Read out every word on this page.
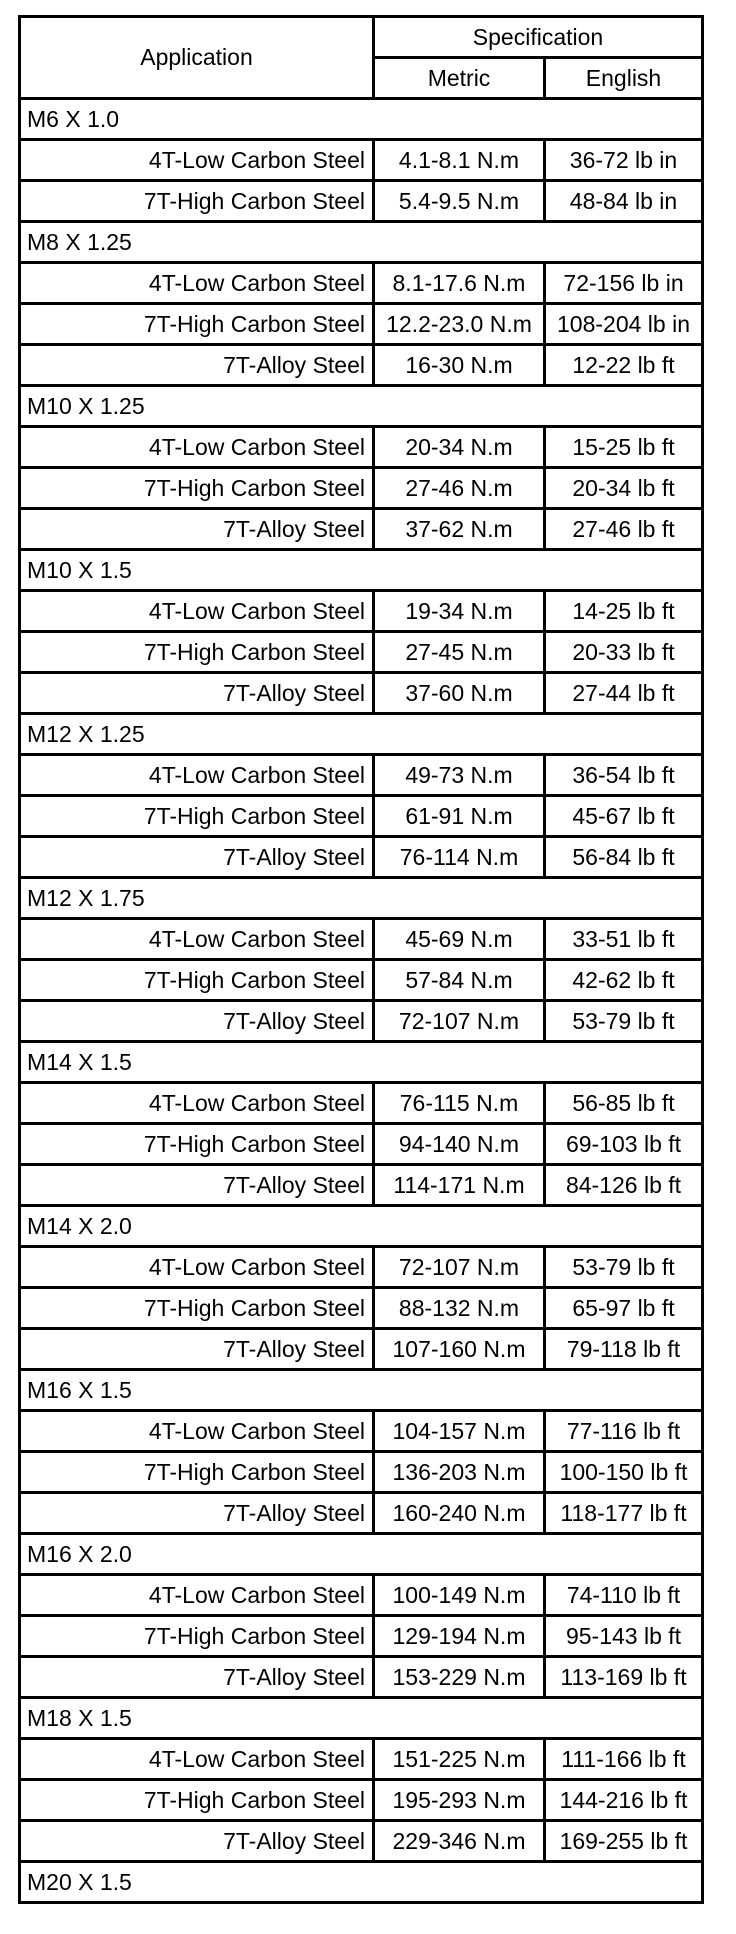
Application	Specification	
	Metric	English
M6 X 1.0		
4T-Low Carbon Steel	4.1-8.1 N.m	36-72 lb in
7T-High Carbon Steel	5.4-9.5 N.m	48-84 lb in
M8 X 1.25		
4T-Low Carbon Steel	8.1-17.6 N.m	72-156 lb in
7T-High Carbon Steel	12.2-23.0 N.m	108-204 lb in
7T-Alloy Steel	16-30 N.m	12-22 lb ft
M10 X 1.25		
4T-Low Carbon Steel	20-34 N.m	15-25 lb ft
7T-High Carbon Steel	27-46 N.m	20-34 lb ft
7T-Alloy Steel	37-62 N.m	27-46 lb ft
M10 X 1.5		
4T-Low Carbon Steel	19-34 N.m	14-25 lb ft
7T-High Carbon Steel	27-45 N.m	20-33 lb ft
7T-Alloy Steel	37-60 N.m	27-44 lb ft
M12 X 1.25		
4T-Low Carbon Steel	49-73 N.m	36-54 lb ft
7T-High Carbon Steel	61-91 N.m	45-67 lb ft
7T-Alloy Steel	76-114 N.m	56-84 lb ft
M12 X 1.75		
4T-Low Carbon Steel	45-69 N.m	33-51 lb ft
7T-High Carbon Steel	57-84 N.m	42-62 lb ft
7T-Alloy Steel	72-107 N.m	53-79 lb ft
M14 X 1.5		
4T-Low Carbon Steel	76-115 N.m	56-85 lb ft
7T-High Carbon Steel	94-140 N.m	69-103 lb ft
7T-Alloy Steel	114-171 N.m	84-126 lb ft
M14 X 2.0		
4T-Low Carbon Steel	72-107 N.m	53-79 lb ft
7T-High Carbon Steel	88-132 N.m	65-97 lb ft
7T-Alloy Steel	107-160 N.m	79-118 lb ft
M16 X 1.5		
4T-Low Carbon Steel	104-157 N.m	77-116 lb ft
7T-High Carbon Steel	136-203 N.m	100-150 lb ft
7T-Alloy Steel	160-240 N.m	118-177 lb ft
M16 X 2.0		
4T-Low Carbon Steel	100-149 N.m	74-110 lb ft
7T-High Carbon Steel	129-194 N.m	95-143 lb ft
7T-Alloy Steel	153-229 N.m	113-169 lb ft
M18 X 1.5		
4T-Low Carbon Steel	151-225 N.m	111-166 lb ft
7T-High Carbon Steel	195-293 N.m	144-216 lb ft
7T-Alloy Steel	229-346 N.m	169-255 lb ft
M20 X 1.5		
